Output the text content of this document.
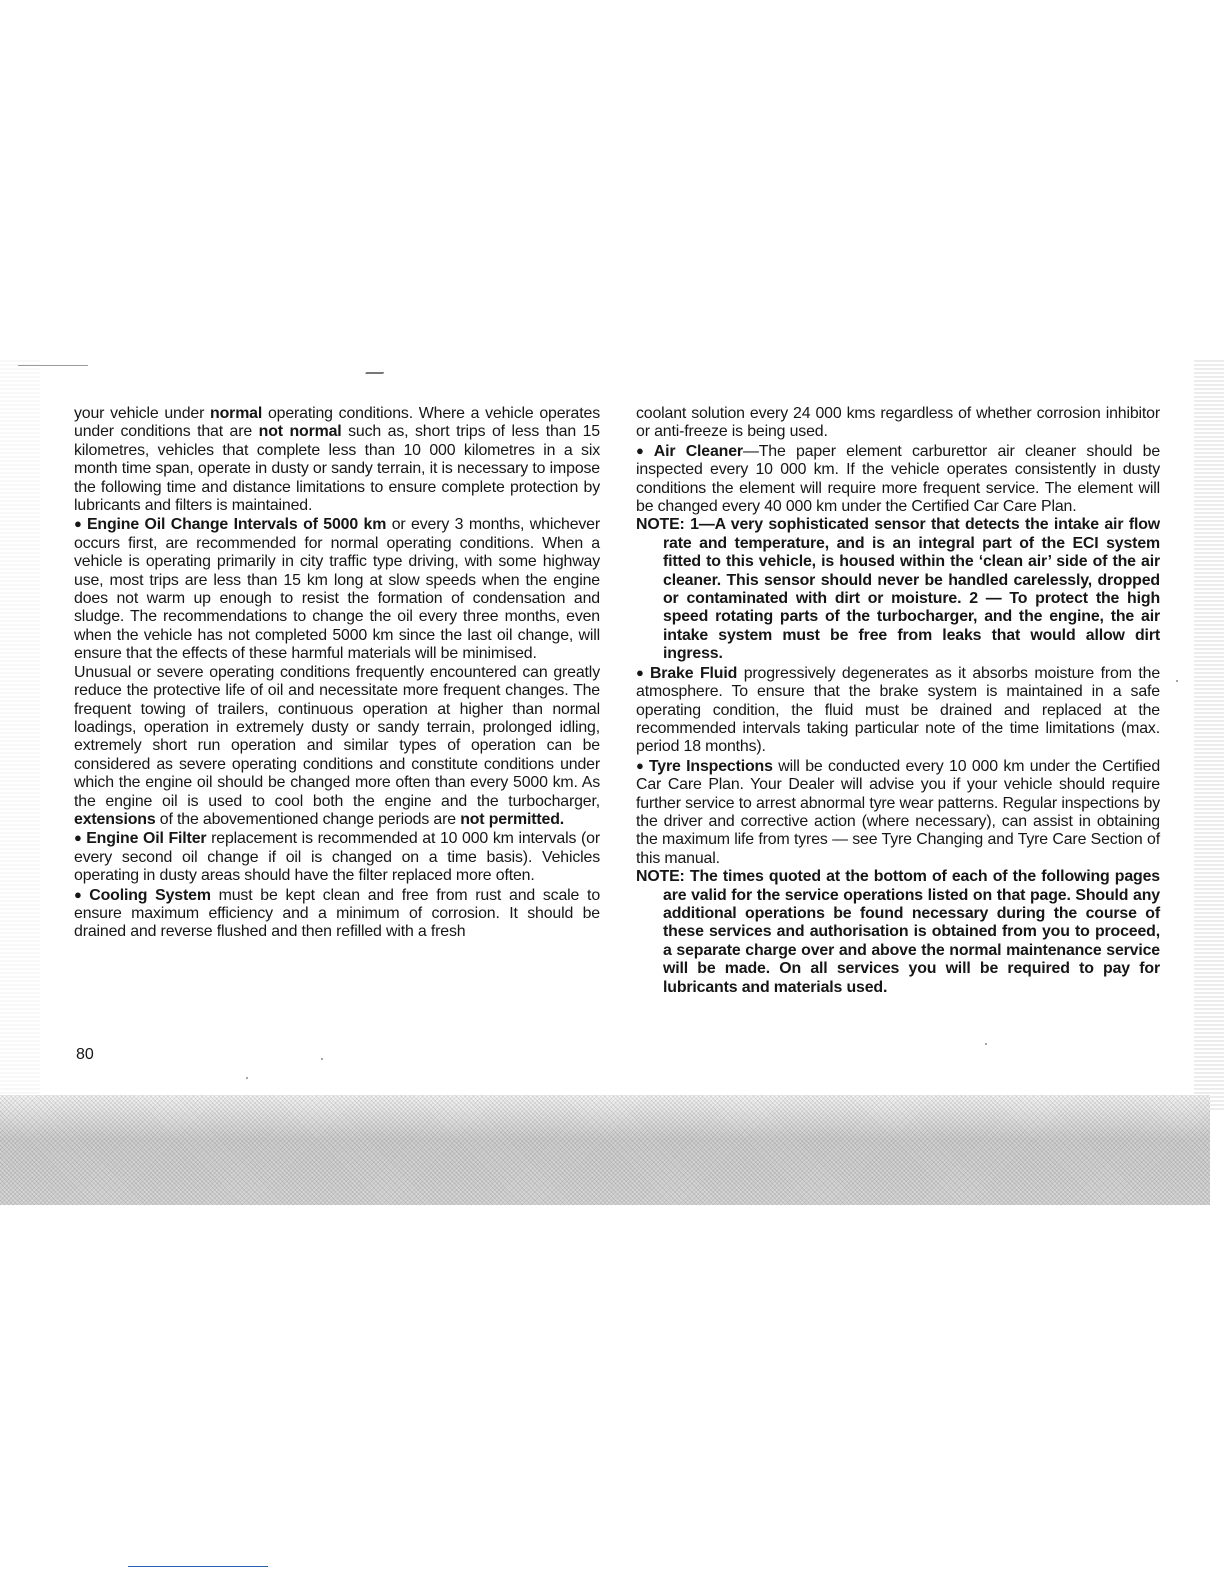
your vehicle under normal operating conditions. Where a vehicle operates under conditions that are not normal such as, short trips of less than 15 kilometres, vehicles that complete less than 10 000 kilometres in a six month time span, operate in dusty or sandy terrain, it is necessary to impose the following time and distance limitations to ensure complete protection by lubricants and filters is maintained.

● Engine Oil Change Intervals of 5000 km or every 3 months, whichever occurs first, are recommended for normal operating conditions. When a vehicle is operating primarily in city traffic type driving, with some highway use, most trips are less than 15 km long at slow speeds when the engine does not warm up enough to resist the formation of condensation and sludge. The recommendations to change the oil every three months, even when the vehicle has not completed 5000 km since the last oil change, will ensure that the effects of these harmful materials will be minimised.

Unusual or severe operating conditions frequently encountered can greatly reduce the protective life of oil and necessitate more frequent changes. The frequent towing of trailers, continuous operation at higher than normal loadings, operation in extremely dusty or sandy terrain, prolonged idling, extremely short run operation and similar types of operation can be considered as severe operating conditions and constitute conditions under which the engine oil should be changed more often than every 5000 km. As the engine oil is used to cool both the engine and the turbocharger, extensions of the abovementioned change periods are not permitted.

● Engine Oil Filter replacement is recommended at 10 000 km intervals (or every second oil change if oil is changed on a time basis). Vehicles operating in dusty areas should have the filter replaced more often.

● Cooling System must be kept clean and free from rust and scale to ensure maximum efficiency and a minimum of corrosion. It should be drained and reverse flushed and then refilled with a fresh

coolant solution every 24 000 kms regardless of whether corrosion inhibitor or anti-freeze is being used.

● Air Cleaner—The paper element carburettor air cleaner should be inspected every 10 000 km. If the vehicle operates consistently in dusty conditions the element will require more frequent service. The element will be changed every 40 000 km under the Certified Car Care Plan.

NOTE: 1—A very sophisticated sensor that detects the intake air flow rate and temperature, and is an integral part of the ECI system fitted to this vehicle, is housed within the ‘clean air’ side of the air cleaner. This sensor should never be handled carelessly, dropped or contaminated with dirt or moisture. 2 — To protect the high speed rotating parts of the turbocharger, and the engine, the air intake system must be free from leaks that would allow dirt ingress.

● Brake Fluid progressively degenerates as it absorbs moisture from the atmosphere. To ensure that the brake system is maintained in a safe operating condition, the fluid must be drained and replaced at the recommended intervals taking particular note of the time limitations (max. period 18 months).

● Tyre Inspections will be conducted every 10 000 km under the Certified Car Care Plan. Your Dealer will advise you if your vehicle should require further service to arrest abnormal tyre wear patterns. Regular inspections by the driver and corrective action (where necessary), can assist in obtaining the maximum life from tyres — see Tyre Changing and Tyre Care Section of this manual.

NOTE: The times quoted at the bottom of each of the following pages are valid for the service operations listed on that page. Should any additional operations be found necessary during the course of these services and authorisation is obtained from you to proceed, a separate charge over and above the normal maintenance service will be made. On all services you will be required to pay for lubricants and materials used.

80
